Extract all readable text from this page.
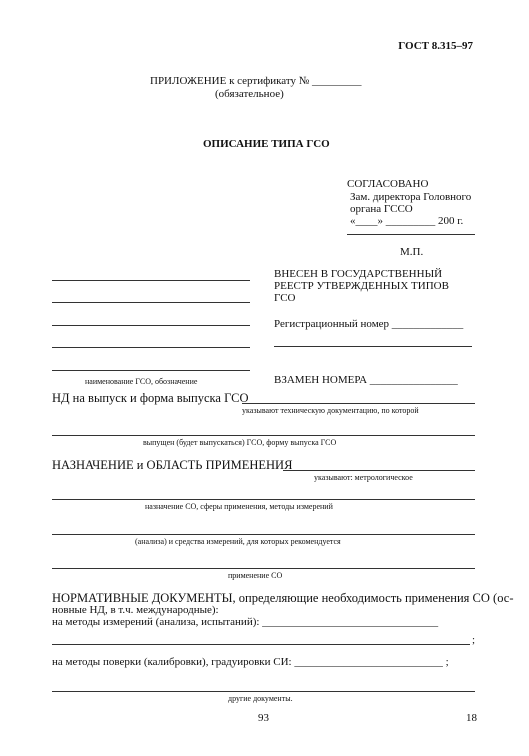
ГОСТ 8.315–97
ПРИЛОЖЕНИЕ к сертификату № _________
(обязательное)
ОПИСАНИЕ ТИПА ГСО
СОГЛАСОВАНО
Зам. директора Головного
органа ГССО
«____» _________ 200 г.
М.П.
наименование ГСО, обозначение
ВНЕСЕН В ГОСУДАРСТВЕННЫЙ
РЕЕСТР УТВЕРЖДЕННЫХ ТИПОВ
ГСО
Регистрационный номер _____________
ВЗАМЕН НОМЕРА ________________
НД на выпуск и форма выпуска ГСО
указывают техническую документацию, по которой
выпущен (будет выпускаться) ГСО, форму выпуска ГСО
НАЗНАЧЕНИЕ и ОБЛАСТЬ ПРИМЕНЕНИЯ
указывают: метрологическое
назначение СО, сферы применения, методы измерений
(анализа) и средства измерений, для которых рекомендуется
применение СО
НОРМАТИВНЫЕ ДОКУМЕНТЫ, определяющие необходимость применения СО (ос-
новные НД, в т.ч. международные):
на методы измерений (анализа, испытаний): ________________________________
;
на методы поверки (калибровки), градуировки СИ: ___________________________ ;
другие документы.
93	18
